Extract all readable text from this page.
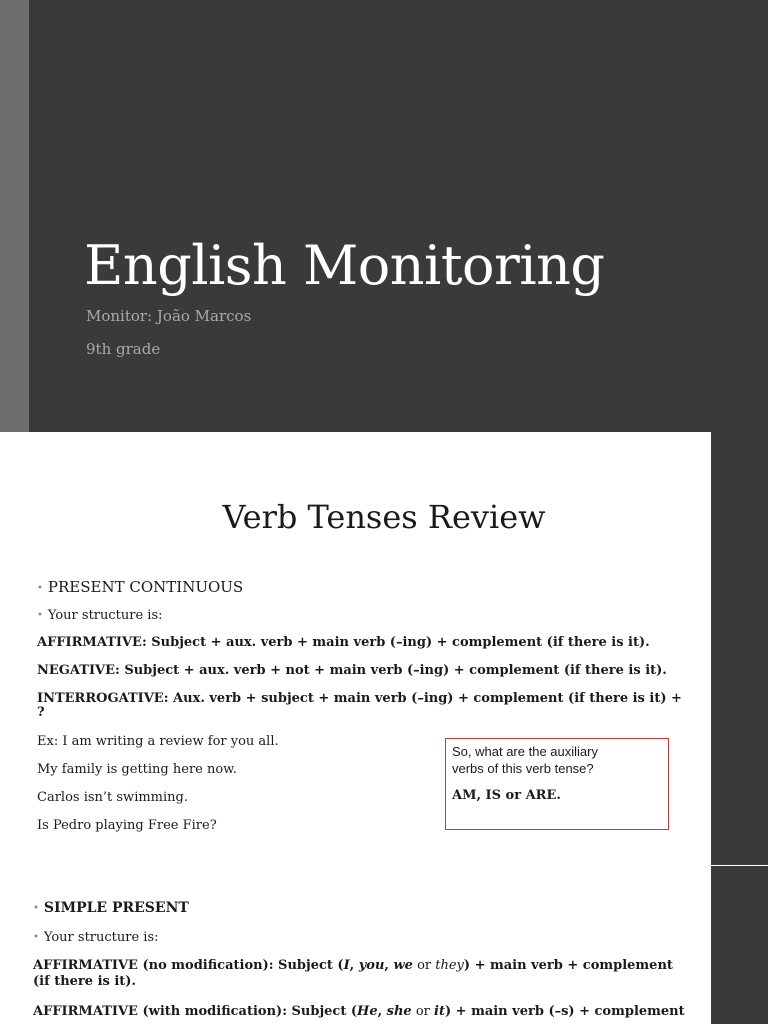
English Monitoring
Monitor: João Marcos
9th grade
Verb Tenses Review
• PRESENT CONTINUOUS
• Your structure is:
AFFIRMATIVE: Subject + aux. verb + main verb (–ing) + complement (if there is it).
NEGATIVE: Subject + aux. verb + not + main verb (–ing) + complement (if there is it).
INTERROGATIVE: Aux. verb + subject + main verb (–ing) + complement (if there is it) +
?
Ex: I am writing a review for you all.
My family is getting here now.
Carlos isn’t swimming.
Is Pedro playing Free Fire?
So, what are the auxiliary
verbs of this verb tense?
AM, IS or ARE.
• SIMPLE PRESENT
• Your structure is:
AFFIRMATIVE (no modification): Subject (I, you, we or they) + main verb + complement
(if there is it).
AFFIRMATIVE (with modification): Subject (He, she or it) + main verb (–s) + complement
